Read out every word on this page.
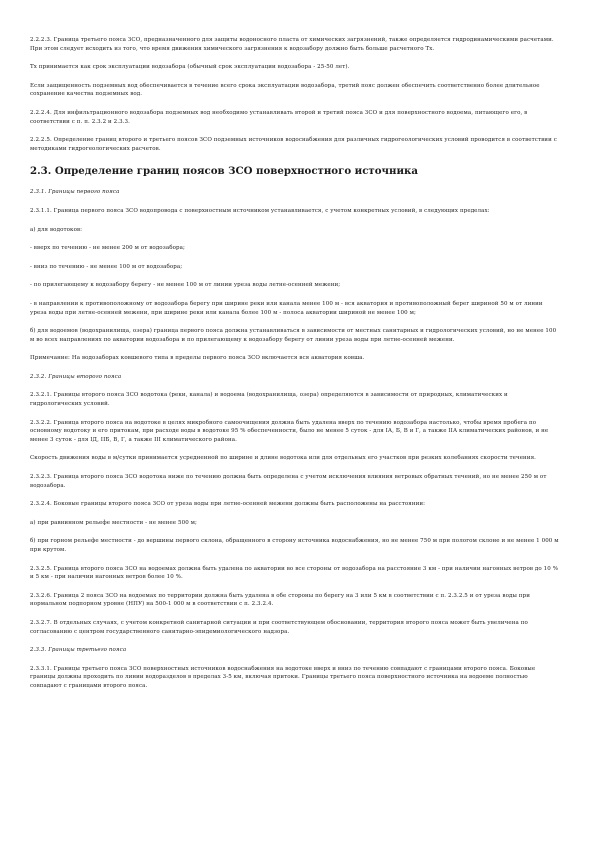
2.2.2.3. Граница третьего пояса ЗСО, предназначенного для защиты водоносного пласта от химических загрязнений, также определяется гидродинамическими расчетами. При этом следует исходить из того, что время движения химического загрязнения к водозабору должно быть больше расчетного Тх.

Тх принимается как срок эксплуатации водозабора (обычный срок эксплуатации водозабора - 25-50 лет).

Если защищенность подземных вод обеспечивается в течение всего срока эксплуатации водозабора, третий пояс должен обеспечить соответственно более длительное сохранение качества подземных вод.

2.2.2.4. Для инфильтрационного водозабора подземных вод необходимо устанавливать второй и третий пояса ЗСО и для поверхностного водоема, питающего его, в соответствии с п. п. 2.3.2 и 2.3.3.

2.2.2.5. Определение границ второго и третьего поясов ЗСО подземных источников водоснабжения для различных гидрогеологических условий проводится в соответствии с методиками гидрогеологических расчетов.

2.3. Определение границ поясов ЗСО поверхностного источника

2.3.1. Границы первого пояса

2.3.1.1. Граница первого пояса ЗСО водопровода с поверхностным источником устанавливается, с учетом конкретных условий, в следующих пределах:

а) для водотоков:

- вверх по течению - не менее 200 м от водозабора;

- вниз по течению - не менее 100 м от водозабора;

- по прилегающему к водозабору берегу - не менее 100 м от линии уреза воды летне-осенней межени;

- в направлении к противоположному от водозабора берегу при ширине реки или канала менее 100 м - вся акватория и противоположный берег шириной 50 м от линии уреза воды при летне-осенней межени, при ширине реки или канала более 100 м - полоса акватории шириной не менее 100 м;

б) для водоемов (водохранилища, озера) граница первого пояса должна устанавливаться в зависимости от местных санитарных и гидрологических условий, но не менее 100 м во всех направлениях по акватории водозабора и по прилегающему к водозабору берегу от линии уреза воды при летне-осенней межени.

Примечание: На водозаборах ковшевого типа в пределы первого пояса ЗСО включается вся акватория ковша.

2.3.2. Границы второго пояса

2.3.2.1. Границы второго пояса ЗСО водотока (реки, канала) и водоема (водохранилища, озера) определяются в зависимости от природных, климатических и гидрологических условий.

2.3.2.2. Граница второго пояса на водотоке в целях микробного самоочищения должна быть удалена вверх по течению водозабора настолько, чтобы время пробега по основному водотоку и его притокам, при расходе воды в водотоке 95 % обеспеченности, было не менее 5 суток - для IА, Б, В и Г, а также IIА климатических районов, и не менее 3 суток - для IД, IIБ, В, Г, а также III климатического района.

Скорость движения воды в м/сутки принимается усредненной по ширине и длине водотока или для отдельных его участков при резких колебаниях скорости течения.

2.3.2.3. Граница второго пояса ЗСО водотока ниже по течению должна быть определена с учетом исключения влияния ветровых обратных течений, но не менее 250 м от водозабора.

2.3.2.4. Боковые границы второго пояса ЗСО от уреза воды при летне-осенней межени должны быть расположены на расстоянии:

а) при равнинном рельефе местности - не менее 500 м;

б) при горном рельефе местности - до вершины первого склона, обращенного в сторону источника водоснабжения, но не менее 750 м при пологом склоне и не менее 1 000 м при крутом.

2.3.2.5. Граница второго пояса ЗСО на водоемах должна быть удалена по акватории во все стороны от водозабора на расстояние 3 км - при наличии нагонных ветров до 10 % и 5 км - при наличии нагонных ветров более 10 %.

2.3.2.6. Граница 2 пояса ЗСО на водоемах по территории должна быть удалена в обе стороны по берегу на 3 или 5 км в соответствии с п. 2.3.2.5 и от уреза воды при нормальном подпорном уровне (НПУ) на 500-1 000 м в соответствии с п. 2.3.2.4.

2.3.2.7. В отдельных случаях, с учетом конкретной санитарной ситуации и при соответствующем обосновании, территория второго пояса может быть увеличена по согласованию с центром государственного санитарно-эпидемиологического надзора.

2.3.3. Границы третьего пояса

2.3.3.1. Границы третьего пояса ЗСО поверхностных источников водоснабжения на водотоке вверх и вниз по течению совпадают с границами второго пояса. Боковые границы должны проходить по линии водоразделов в пределах 3-5 км, включая притоки. Границы третьего пояса поверхностного источника на водоеме полностью совпадают с границами второго пояса.
